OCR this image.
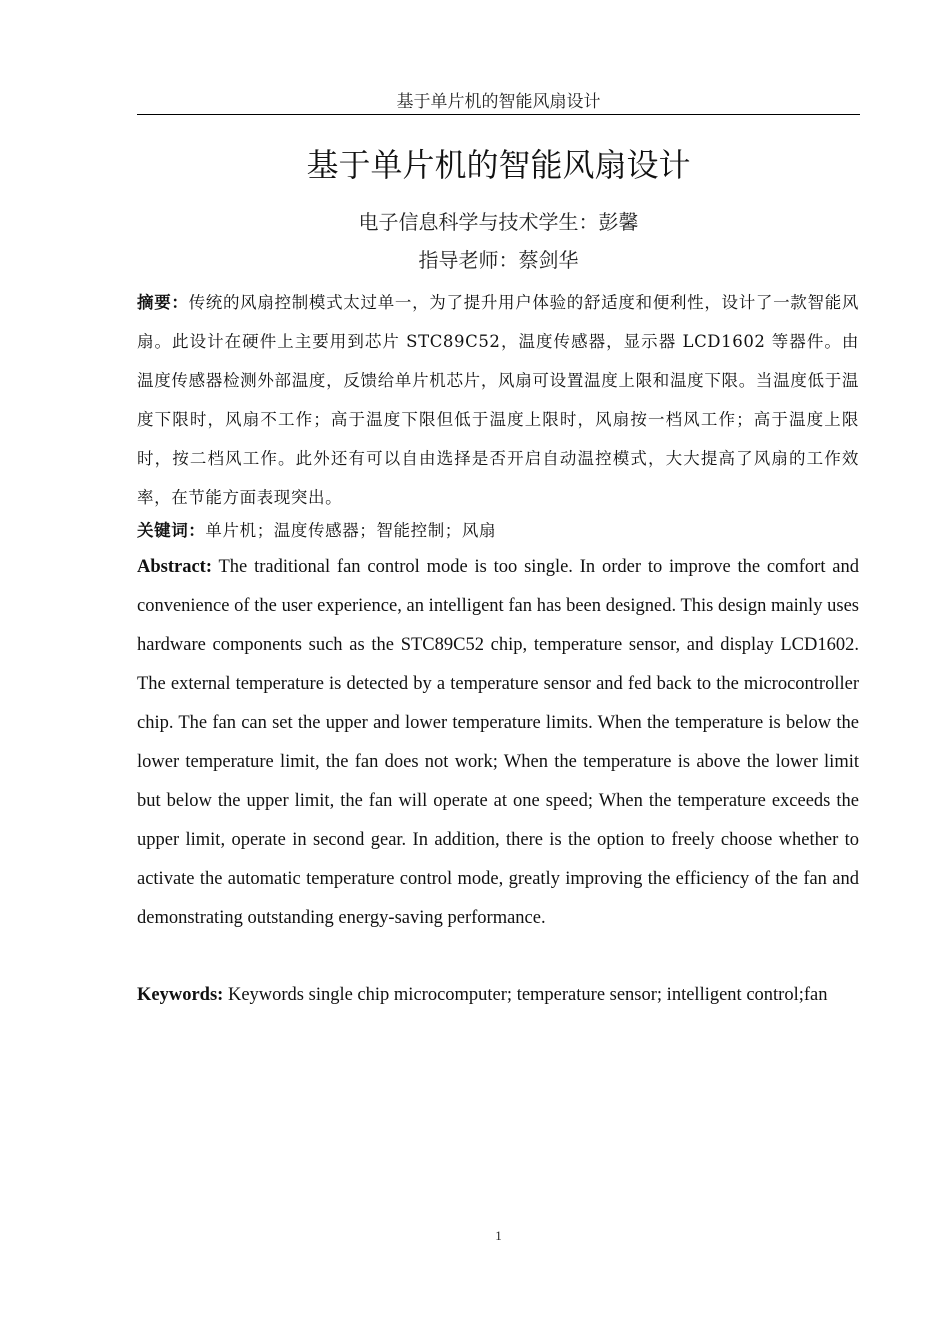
基于单片机的智能风扇设计
基于单片机的智能风扇设计
电子信息科学与技术学生：彭馨
指导老师：蔡剑华
摘要：传统的风扇控制模式太过单一，为了提升用户体验的舒适度和便利性，设计了一款智能风扇。此设计在硬件上主要用到芯片 STC89C52，温度传感器，显示器 LCD1602 等器件。由温度传感器检测外部温度，反馈给单片机芯片，风扇可设置温度上限和温度下限。当温度低于温度下限时，风扇不工作；高于温度下限但低于温度上限时，风扇按一档风工作；高于温度上限时，按二档风工作。此外还有可以自由选择是否开启自动温控模式，大大提高了风扇的工作效率，在节能方面表现突出。
关键词：单片机；温度传感器；智能控制；风扇
Abstract: The traditional fan control mode is too single. In order to improve the comfort and convenience of the user experience, an intelligent fan has been designed. This design mainly uses hardware components such as the STC89C52 chip, temperature sensor, and display LCD1602. The external temperature is detected by a temperature sensor and fed back to the microcontroller chip. The fan can set the upper and lower temperature limits. When the temperature is below the lower temperature limit, the fan does not work; When the temperature is above the lower limit but below the upper limit, the fan will operate at one speed; When the temperature exceeds the upper limit, operate in second gear. In addition, there is the option to freely choose whether to activate the automatic temperature control mode, greatly improving the efficiency of the fan and demonstrating outstanding energy-saving performance.
Keywords: Keywords single chip microcomputer; temperature sensor; intelligent control;fan
1
